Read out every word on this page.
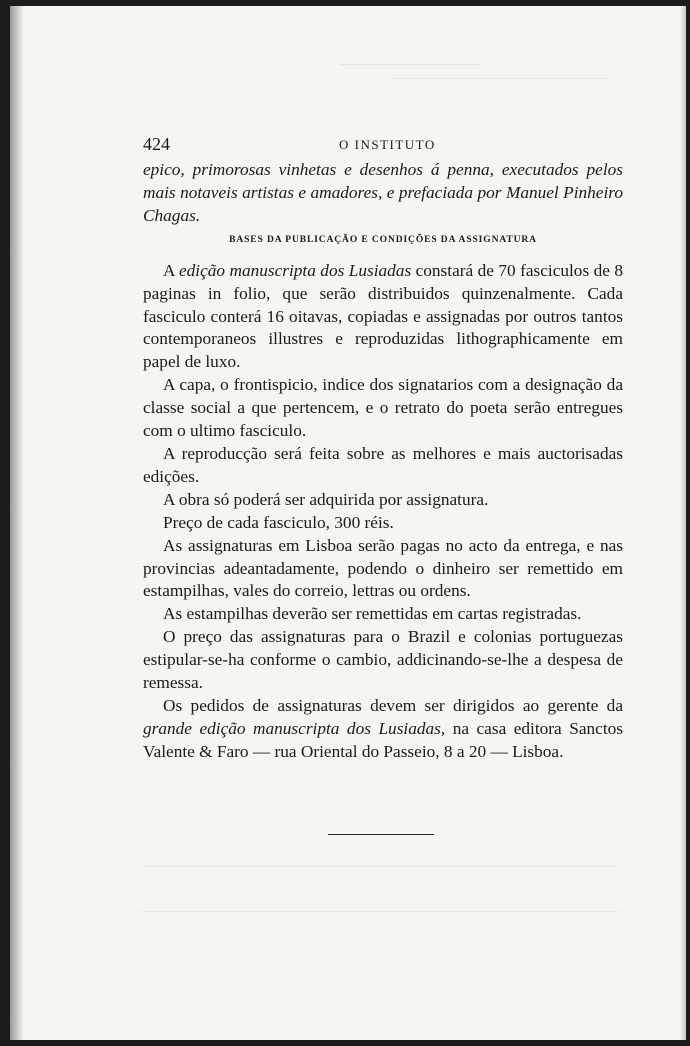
424	O INSTITUTO

epico, primorosas vinhetas e desenhos á penna, executados pelos mais notaveis artistas e amadores, e prefaciada por Manuel Pinheiro Chagas.

BASES DA PUBLICAÇÃO E CONDIÇÕES DA ASSIGNATURA

A edição manuscripta dos Lusiadas constará de 70 fasciculos de 8 paginas in folio, que serão distribuidos quinzenalmente. Cada fasciculo conterá 16 oitavas, copiadas e assignadas por outros tantos contemporaneos illustres e reproduzidas lithographicamente em papel de luxo.

A capa, o frontispicio, indice dos signatarios com a designação da classe social a que pertencem, e o retrato do poeta serão entregues com o ultimo fasciculo.

A reproducção será feita sobre as melhores e mais auctorisadas edições.

A obra só poderá ser adquirida por assignatura.

Preço de cada fasciculo, 300 réis.

As assignaturas em Lisboa serão pagas no acto da entrega, e nas provincias adeantadamente, podendo o dinheiro ser remettido em estampilhas, vales do correio, lettras ou ordens.

As estampilhas deverão ser remettidas em cartas registradas.

O preço das assignaturas para o Brazil e colonias portuguezas estipular-se-ha conforme o cambio, addicinando-se-lhe a despesa de remessa.

Os pedidos de assignaturas devem ser dirigidos ao gerente da grande edição manuscripta dos Lusiadas, na casa editora Sanctos Valente & Faro — rua Oriental do Passeio, 8 a 20 — Lisboa.
